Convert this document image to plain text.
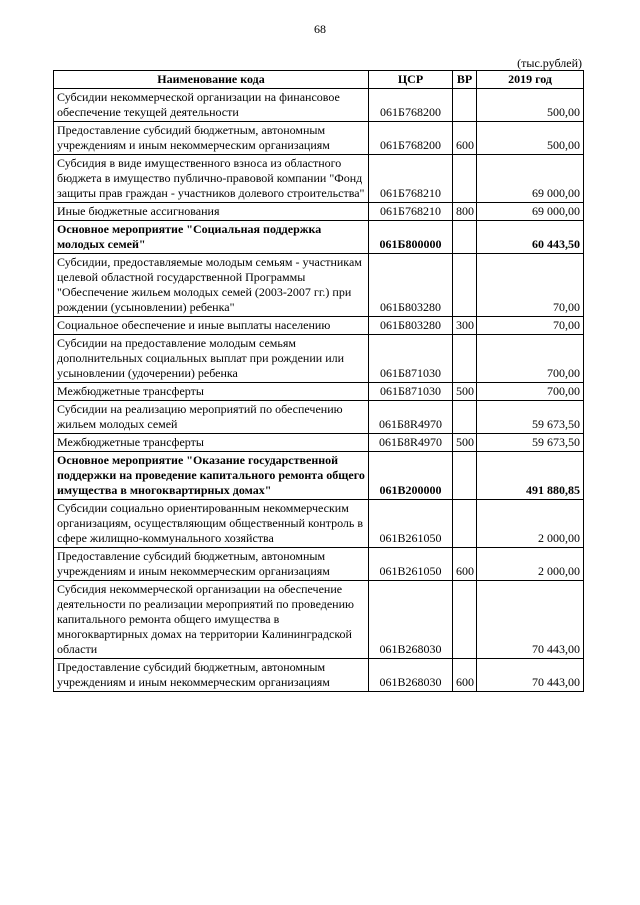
68
(тыс.рублей)
Наименование кода	ЦСР	ВР	2019 год
Субсидии некоммерческой организации на финансовое обеспечение текущей деятельности	061Б768200		500,00
Предоставление субсидий бюджетным, автономным учреждениям и иным некоммерческим организациям	061Б768200	600	500,00
Субсидия в виде имущественного взноса из областного бюджета в имущество публично-правовой компании "Фонд защиты прав граждан - участников долевого строительства"	061Б768210		69 000,00
Иные бюджетные ассигнования	061Б768210	800	69 000,00
Основное мероприятие "Социальная поддержка молодых семей"	061Б800000		60 443,50
Субсидии, предоставляемые молодым семьям - участникам целевой областной государственной Программы "Обеспечение жильем молодых семей (2003-2007 гг.) при рождении (усыновлении) ребенка"	061Б803280		70,00
Социальное обеспечение и иные выплаты населению	061Б803280	300	70,00
Субсидии на предоставление молодым семьям дополнительных социальных выплат при рождении или усыновлении (удочерении) ребенка	061Б871030		700,00
Межбюджетные трансферты	061Б871030	500	700,00
Субсидии на реализацию мероприятий по обеспечению жильем молодых семей	061Б8R4970		59 673,50
Межбюджетные трансферты	061Б8R4970	500	59 673,50
Основное мероприятие "Оказание государственной поддержки на проведение капитального ремонта общего имущества в многоквартирных домах"	061В200000		491 880,85
Субсидии социально ориентированным некоммерческим организациям, осуществляющим общественный контроль в сфере жилищно-коммунального хозяйства	061В261050		2 000,00
Предоставление субсидий бюджетным, автономным учреждениям и иным некоммерческим организациям	061В261050	600	2 000,00
Субсидия некоммерческой организации на обеспечение деятельности по реализации мероприятий по проведению капитального ремонта общего имущества в многоквартирных домах на территории Калининградской области	061В268030		70 443,00
Предоставление субсидий бюджетным, автономным учреждениям и иным некоммерческим организациям	061В268030	600	70 443,00
